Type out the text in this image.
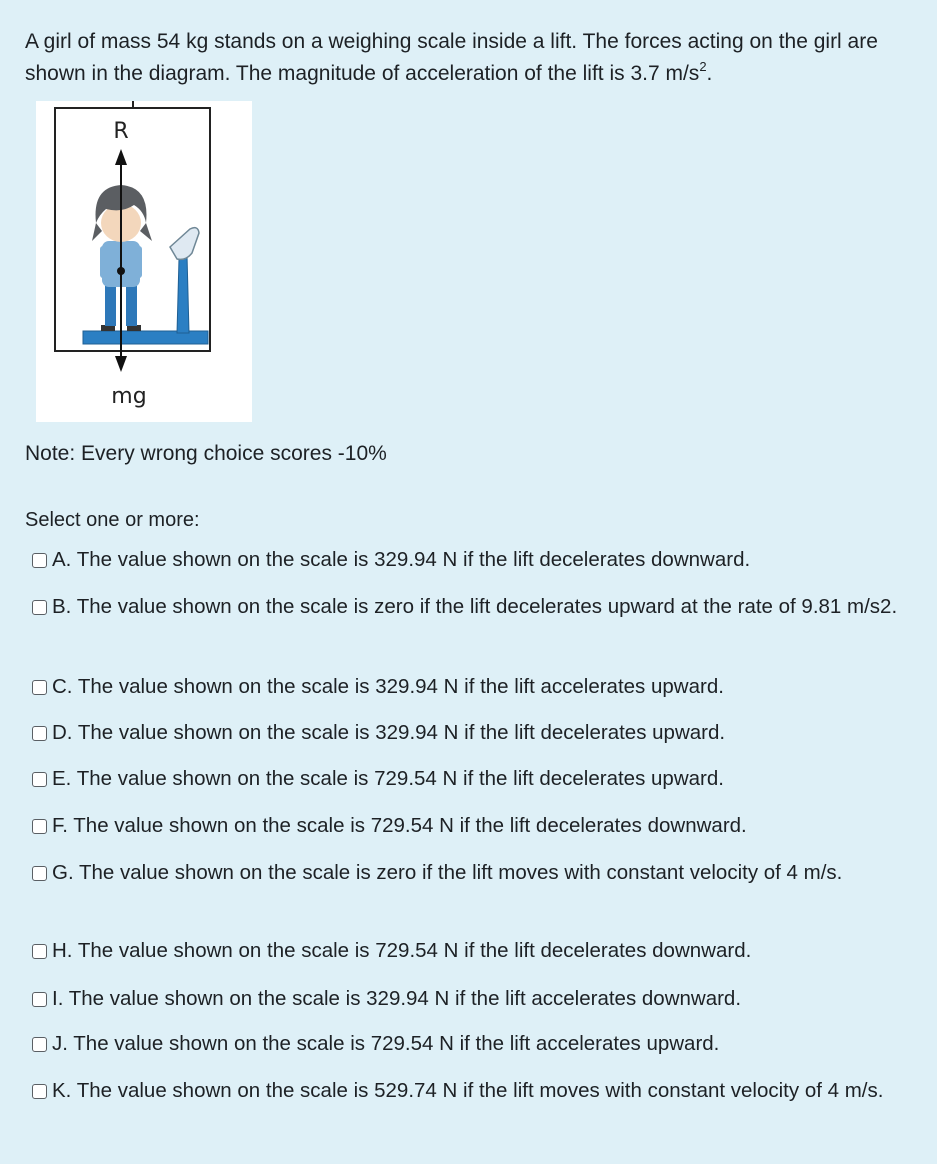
A girl of mass 54 kg stands on a weighing scale inside a lift. The forces acting on the girl are shown in the diagram. The magnitude of acceleration of the lift is 3.7 $m/s^2$.
R
mg
Note: Every wrong choice scores -10%
Select one or more:
A. The value shown on the scale is 329.94 N if the lift decelerates downward.
B. The value shown on the scale is zero if the lift decelerates upward at the rate of 9.81 m/s2.
C. The value shown on the scale is 329.94 N if the lift accelerates upward.
D. The value shown on the scale is 329.94 N if the lift decelerates upward.
E. The value shown on the scale is 729.54 N if the lift decelerates upward.
F. The value shown on the scale is 729.54 N if the lift decelerates downward.
G. The value shown on the scale is zero if the lift moves with constant velocity of 4 m/s.
H. The value shown on the scale is 729.54 N if the lift decelerates downward.
I. The value shown on the scale is 329.94 N if the lift accelerates downward.
J. The value shown on the scale is 729.54 N if the lift accelerates upward.
K. The value shown on the scale is 529.74 N if the lift moves with constant velocity of 4 m/s.
